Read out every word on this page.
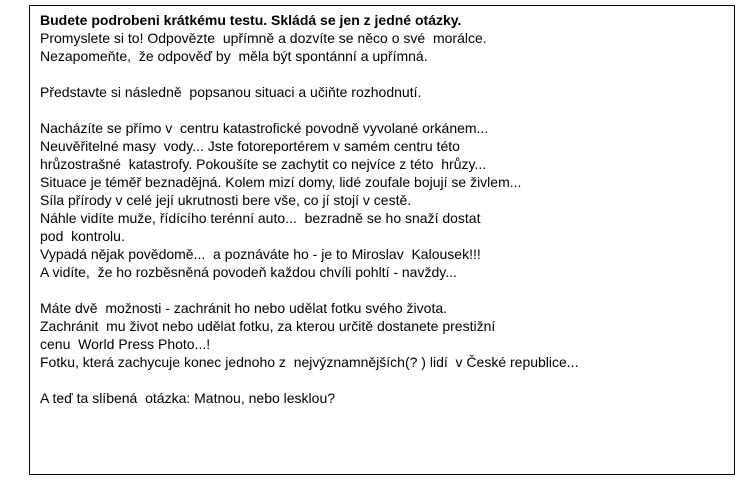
Budete podrobeni krátkému testu. Skládá se jen z jedné otázky.
Promyslete si to! Odpovězte  upřímně a dozvíte se něco o své  morálce.
Nezapomeňte,  že odpověď by  měla být spontánní a upřímná.
Představte si následně  popsanou situaci a učiňte rozhodnutí.
Nacházíte se přímo v  centru katastrofické povodně vyvolané orkánem...
Neuvěřitelné masy  vody... Jste fotoreportérem v samém centru této
hrůzostrašné  katastrofy. Pokoušíte se zachytit co nejvíce z této  hrůzy...
Situace je téměř beznadějná. Kolem mizí domy, lidé zoufale bojují se živlem...
Síla přírody v celé její ukrutnosti bere vše, co jí stojí v cestě.
Náhle vidíte muže, řídícího terénní auto...  bezradně se ho snaží dostat
pod  kontrolu.
Vypadá nějak povědomě...  a poznáváte ho - je to Miroslav  Kalousek!!!
A vidíte,  že ho rozběsněná povodeň každou chvíli pohltí - navždy...
Máte dvě  možnosti - zachránit ho nebo udělat fotku svého života.
Zachránit  mu život nebo udělat fotku, za kterou určitě dostanete prestižní
cenu  World Press Photo...!
Fotku, která zachycuje konec jednoho z  nejvýznamnějších(? ) lidí  v České republice...
A teď ta slíbená  otázka: Matnou, nebo lesklou?
